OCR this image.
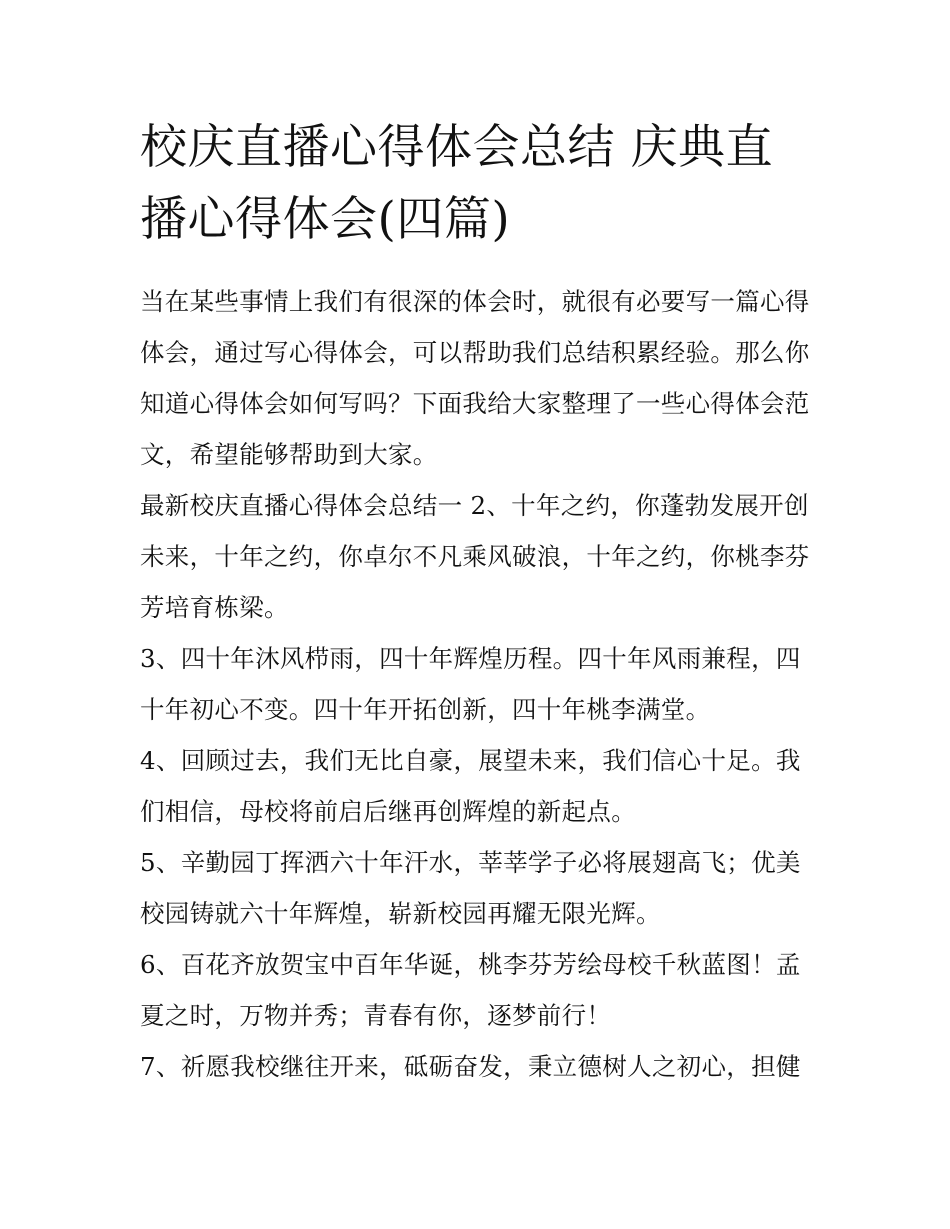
校庆直播心得体会总结 庆典直播心得体会(四篇)

当在某些事情上我们有很深的体会时，就很有必要写一篇心得体会，通过写心得体会，可以帮助我们总结积累经验。那么你知道心得体会如何写吗？下面我给大家整理了一些心得体会范文，希望能够帮助到大家。

最新校庆直播心得体会总结一 2、十年之约，你蓬勃发展开创未来，十年之约，你卓尔不凡乘风破浪，十年之约，你桃李芬芳培育栋梁。

3、四十年沐风栉雨，四十年辉煌历程。四十年风雨兼程，四十年初心不变。四十年开拓创新，四十年桃李满堂。

4、回顾过去，我们无比自豪，展望未来，我们信心十足。我们相信，母校将前启后继再创辉煌的新起点。

5、辛勤园丁挥洒六十年汗水，莘莘学子必将展翅高飞；优美校园铸就六十年辉煌，崭新校园再耀无限光辉。

6、百花齐放贺宝中百年华诞，桃李芬芳绘母校千秋蓝图！孟夏之时，万物并秀；青春有你，逐梦前行！

7、祈愿我校继往开来，砥砺奋发，秉立德树人之初心，担健
